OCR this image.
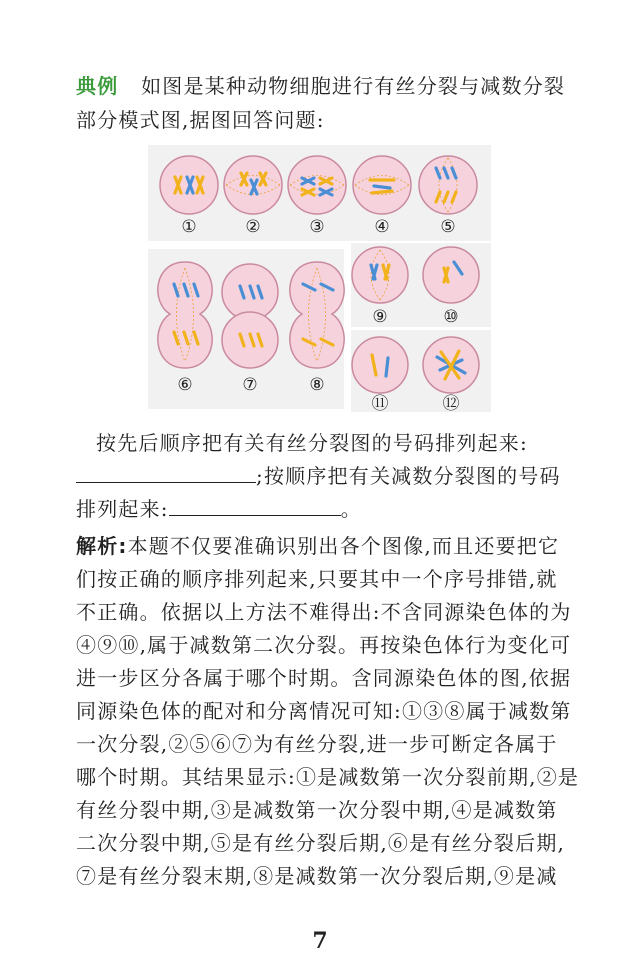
典例 如图是某种动物细胞进行有丝分裂与减数分裂
部分模式图,据图回答问题:
①	②	③	④	⑤
⑥	⑦	⑧
⑨	⑩
⑪	⑫
按先后顺序把有关有丝分裂图的号码排列起来:
;按顺序把有关减数分裂图的号码
排列起来:	。
解析:本题不仅要准确识别出各个图像,而且还要把它
们按正确的顺序排列起来,只要其中一个序号排错,就
不正确。依据以上方法不难得出:不含同源染色体的为
④⑨⑩,属于减数第二次分裂。再按染色体行为变化可
进一步区分各属于哪个时期。含同源染色体的图,依据
同源染色体的配对和分离情况可知:①③⑧属于减数第
一次分裂,②⑤⑥⑦为有丝分裂,进一步可断定各属于
哪个时期。其结果显示:①是减数第一次分裂前期,②是
有丝分裂中期,③是减数第一次分裂中期,④是减数第
二次分裂中期,⑤是有丝分裂后期,⑥是有丝分裂后期,
⑦是有丝分裂末期,⑧是减数第一次分裂后期,⑨是减
7
